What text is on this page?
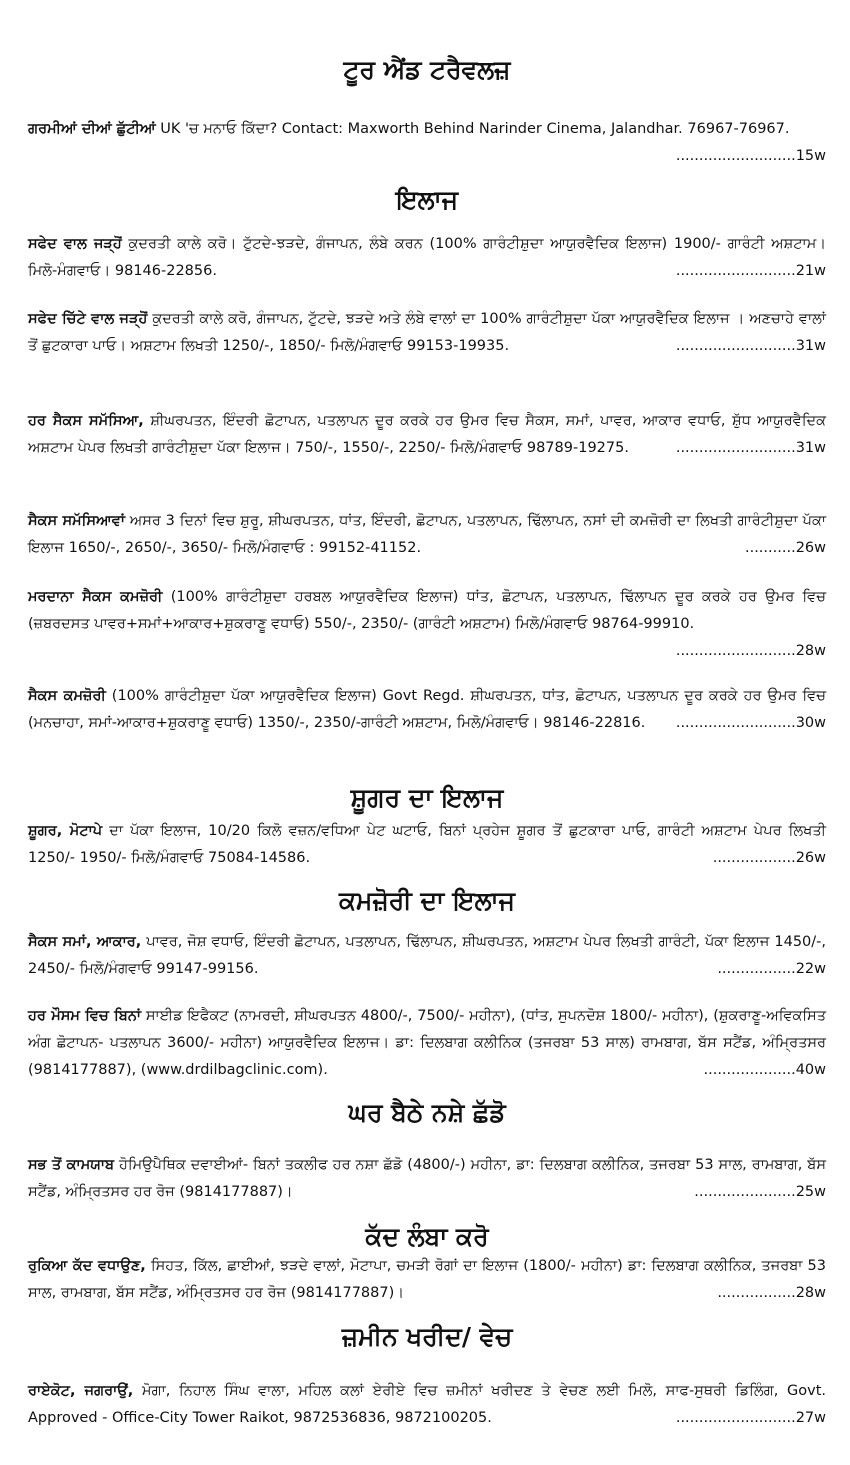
ਟੂਰ ਐਂਡ ਟਰੈਵਲਜ਼

ਗਰਮੀਆਂ ਦੀਆਂ ਛੁੱਟੀਆਂ UK 'ਚ ਮਨਾਓ ਕਿੱਦਾ? Contact: Maxworth Behind Narinder Cinema, Jalandhar. 76967-76967.
..........................15w

ਇਲਾਜ

ਸਫੇਦ ਵਾਲ ਜੜ੍ਹੋਂ ਕੁਦਰਤੀ ਕਾਲੇ ਕਰੋ। ਟੁੱਟਦੇ-ਝੜਦੇ, ਗੰਜਾਪਨ, ਲੰਬੇ ਕਰਨ (100% ਗਾਰੰਟੀਸ਼ੁਦਾ ਆਯੁਰਵੈਦਿਕ ਇਲਾਜ) 1900/- ਗਾਰੰਟੀ ਅਸ਼ਟਾਮ। ਮਿਲੋ-ਮੰਗਵਾਓ। 98146-22856.	..........................21w

ਸਫੇਦ ਚਿੱਟੇ ਵਾਲ ਜੜ੍ਹੋਂ ਕੁਦਰਤੀ ਕਾਲੇ ਕਰੋ, ਗੰਜਾਪਨ, ਟੁੱਟਦੇ, ਝੜਦੇ ਅਤੇ ਲੰਬੇ ਵਾਲਾਂ ਦਾ 100% ਗਾਰੰਟੀਸ਼ੁਦਾ ਪੱਕਾ ਆਯੁਰਵੈਦਿਕ ਇਲਾਜ । ਅਣਚਾਹੇ ਵਾਲਾਂ ਤੋਂ ਛੁਟਕਾਰਾ ਪਾਓ। ਅਸ਼ਟਾਮ ਲਿਖਤੀ 1250/-, 1850/- ਮਿਲੋ/ਮੰਗਵਾਓ 99153-19935.	..........................31w

ਹਰ ਸੈਕਸ ਸਮੱਸਿਆ, ਸ਼ੀਘਰਪਤਨ, ਇੰਦਰੀ ਛੋਟਾਪਨ, ਪਤਲਾਪਨ ਦੂਰ ਕਰਕੇ ਹਰ ਉਮਰ ਵਿਚ ਸੈਕਸ, ਸਮਾਂ, ਪਾਵਰ, ਆਕਾਰ ਵਧਾਓ, ਸ਼ੁੱਧ ਆਯੁਰਵੈਦਿਕ ਅਸ਼ਟਾਮ ਪੇਪਰ ਲਿਖਤੀ ਗਾਰੰਟੀਸ਼ੁਦਾ ਪੱਕਾ ਇਲਾਜ। 750/-, 1550/-, 2250/- ਮਿਲੋ/ਮੰਗਵਾਓ 98789-19275.	..........................31w

ਸੈਕਸ ਸਮੱਸਿਆਵਾਂ ਅਸਰ 3 ਦਿਨਾਂ ਵਿਚ ਸ਼ੁਰੂ, ਸ਼ੀਘਰਪਤਨ, ਧਾਂਤ, ਇੰਦਰੀ, ਛੋਟਾਪਨ, ਪਤਲਾਪਨ, ਢਿੱਲਾਪਨ, ਨਸਾਂ ਦੀ ਕਮਜ਼ੋਰੀ ਦਾ ਲਿਖਤੀ ਗਾਰੰਟੀਸ਼ੁਦਾ ਪੱਕਾ ਇਲਾਜ 1650/-, 2650/-, 3650/- ਮਿਲੋ/ਮੰਗਵਾਓ : 99152-41152.	...........26w

ਮਰਦਾਨਾ ਸੈਕਸ ਕਮਜ਼ੋਰੀ (100% ਗਾਰੰਟੀਸ਼ੁਦਾ ਹਰਬਲ ਆਯੁਰਵੈਦਿਕ ਇਲਾਜ) ਧਾਂਤ, ਛੋਟਾਪਨ, ਪਤਲਾਪਨ, ਢਿੱਲਾਪਨ ਦੂਰ ਕਰਕੇ ਹਰ ਉਮਰ ਵਿਚ (ਜ਼ਬਰਦਸਤ ਪਾਵਰ+ਸਮਾਂ+ਆਕਾਰ+ਸ਼ੁਕਰਾਣੂ ਵਧਾਓ) 550/-, 2350/- (ਗਾਰੰਟੀ ਅਸ਼ਟਾਮ) ਮਿਲੋ/ਮੰਗਵਾਓ 98764-99910.
..........................28w

ਸੈਕਸ ਕਮਜ਼ੋਰੀ (100% ਗਾਰੰਟੀਸ਼ੁਦਾ ਪੱਕਾ ਆਯੁਰਵੈਦਿਕ ਇਲਾਜ) Govt Regd. ਸ਼ੀਘਰਪਤਨ, ਧਾਂਤ, ਛੋਟਾਪਨ, ਪਤਲਾਪਨ ਦੂਰ ਕਰਕੇ ਹਰ ਉਮਰ ਵਿਚ (ਮਨਚਾਹਾ, ਸਮਾਂ-ਆਕਾਰ+ਸ਼ੁਕਰਾਣੂ ਵਧਾਓ) 1350/-, 2350/-ਗਾਰੰਟੀ ਅਸ਼ਟਾਮ, ਮਿਲੋ/ਮੰਗਵਾਓ। 98146-22816. ..........................30w

ਸ਼ੂਗਰ ਦਾ ਇਲਾਜ

ਸ਼ੂਗਰ, ਮੋਟਾਪੇ ਦਾ ਪੱਕਾ ਇਲਾਜ, 10/20 ਕਿਲੋ ਵਜ਼ਨ/ਵਧਿਆ ਪੇਟ ਘਟਾਓ, ਬਿਨਾਂ ਪ੍ਰਹੇਜ ਸ਼ੂਗਰ ਤੋਂ ਛੁਟਕਾਰਾ ਪਾਓ, ਗਾਰੰਟੀ ਅਸ਼ਟਾਮ ਪੇਪਰ ਲਿਖਤੀ 1250/- 1950/- ਮਿਲੋ/ਮੰਗਵਾਓ 75084-14586.	..................26w

ਕਮਜ਼ੋਰੀ ਦਾ ਇਲਾਜ

ਸੈਕਸ ਸਮਾਂ, ਆਕਾਰ, ਪਾਵਰ, ਜੋਸ਼ ਵਧਾਓ, ਇੰਦਰੀ ਛੋਟਾਪਨ, ਪਤਲਾਪਨ, ਢਿੱਲਾਪਨ, ਸ਼ੀਘਰਪਤਨ, ਅਸ਼ਟਾਮ ਪੇਪਰ ਲਿਖਤੀ ਗਾਰੰਟੀ, ਪੱਕਾ ਇਲਾਜ 1450/-, 2450/- ਮਿਲੋ/ਮੰਗਵਾਓ 99147-99156.	.................22w

ਹਰ ਮੌਸਮ ਵਿਚ ਬਿਨਾਂ ਸਾਈਡ ਇਫੈਕਟ (ਨਾਮਰਦੀ, ਸ਼ੀਘਰਪਤਨ 4800/-, 7500/- ਮਹੀਨਾ), (ਧਾਂਤ, ਸੁਪਨਦੋਸ਼ 1800/- ਮਹੀਨਾ), (ਸ਼ੁਕਰਾਣੂ-ਅਵਿਕਸਿਤ ਅੰਗ ਛੋਟਾਪਨ- ਪਤਲਾਪਨ 3600/- ਮਹੀਨਾ) ਆਯੁਰਵੈਦਿਕ ਇਲਾਜ। ਡਾ: ਦਿਲਬਾਗ ਕਲੀਨਿਕ (ਤਜਰਬਾ 53 ਸਾਲ) ਰਾਮਬਾਗ, ਬੱਸ ਸਟੈਂਡ, ਅੰਮ੍ਰਿਤਸਰ (9814177887), (www.drdilbagclinic.com).	....................40w

ਘਰ ਬੈਠੇ ਨਸ਼ੇ ਛੱਡੋ

ਸਭ ਤੋਂ ਕਾਮਯਾਬ ਹੋਮਿਉਪੈਥਿਕ ਦਵਾਈਆਂ- ਬਿਨਾਂ ਤਕਲੀਫ ਹਰ ਨਸ਼ਾ ਛੱਡੋ (4800/-) ਮਹੀਨਾ, ਡਾ: ਦਿਲਬਾਗ ਕਲੀਨਿਕ, ਤਜਰਬਾ 53 ਸਾਲ, ਰਾਮਬਾਗ, ਬੱਸ ਸਟੈਂਡ, ਅੰਮ੍ਰਿਤਸਰ ਹਰ ਰੋਜ (9814177887)।	......................25w

ਕੱਦ ਲੰਬਾ ਕਰੋ

ਰੁਕਿਆ ਕੱਦ ਵਧਾਉਣ, ਸਿਹਤ, ਕਿੱਲ, ਛਾਈਆਂ, ਝੜਦੇ ਵਾਲਾਂ, ਮੋਟਾਪਾ, ਚਮੜੀ ਰੋਗਾਂ ਦਾ ਇਲਾਜ (1800/- ਮਹੀਨਾ) ਡਾ: ਦਿਲਬਾਗ ਕਲੀਨਿਕ, ਤਜਰਬਾ 53 ਸਾਲ, ਰਾਮਬਾਗ, ਬੱਸ ਸਟੈਂਡ, ਅੰਮ੍ਰਿਤਸਰ ਹਰ ਰੋਜ (9814177887)।	.................28w

ਜ਼ਮੀਨ ਖਰੀਦ/ ਵੇਚ

ਰਾਏਕੋਟ, ਜਗਰਾਉਂ, ਮੋਗਾ, ਨਿਹਾਲ ਸਿੰਘ ਵਾਲਾ, ਮਹਿਲ ਕਲਾਂ ਏਰੀਏ ਵਿਚ ਜ਼ਮੀਨਾਂ ਖਰੀਦਣ ਤੇ ਵੇਚਣ ਲਈ ਮਿਲੋ, ਸਾਫ-ਸੁਥਰੀ ਡਿਲਿੰਗ, Govt. Approved - Office-City Tower Raikot, 9872536836, 9872100205.	..........................27w
